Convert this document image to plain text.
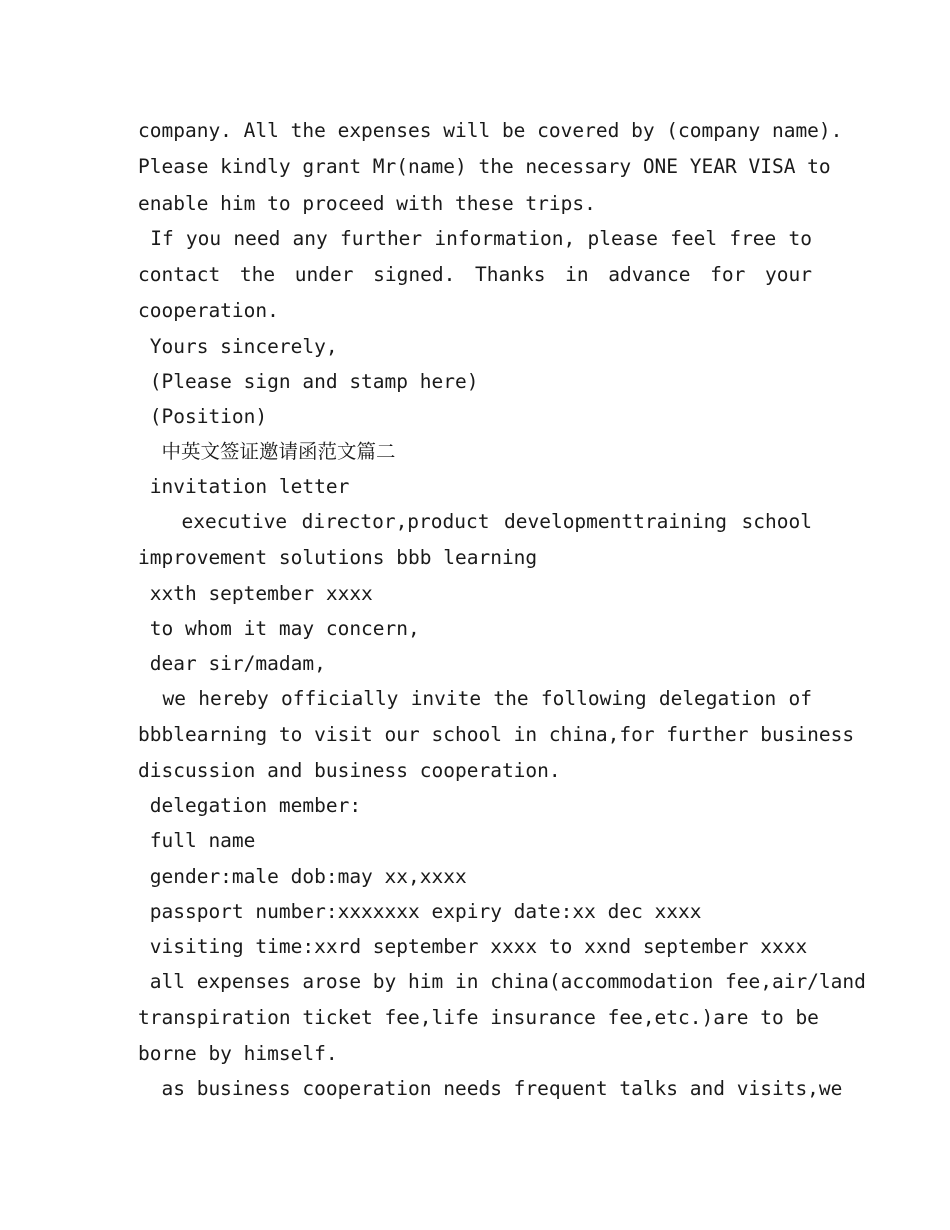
company. All the expenses will be covered by (company name).
Please kindly grant Mr(name) the necessary ONE YEAR VISA to
enable him to proceed with these trips.
If you need any further information, please feel free to
contact the under signed. Thanks in advance for your
cooperation.
Yours sincerely,
(Please sign and stamp here)
(Position)
中英文签证邀请函范文篇二
invitation letter
executive director,product developmenttraining school
improvement solutions bbb learning
xxth september xxxx
to whom it may concern,
dear sir/madam,
we hereby officially invite the following delegation of
bbblearning to visit our school in china,for further business
discussion and business cooperation.
delegation member:
full name
gender:male dob:may xx,xxxx
passport number:xxxxxxx expiry date:xx dec xxxx
visiting time:xxrd september xxxx to xxnd september xxxx
all expenses arose by him in china(accommodation fee,air/land
transpiration ticket fee,life insurance fee,etc.)are to be
borne by himself.
as business cooperation needs frequent talks and visits,we
